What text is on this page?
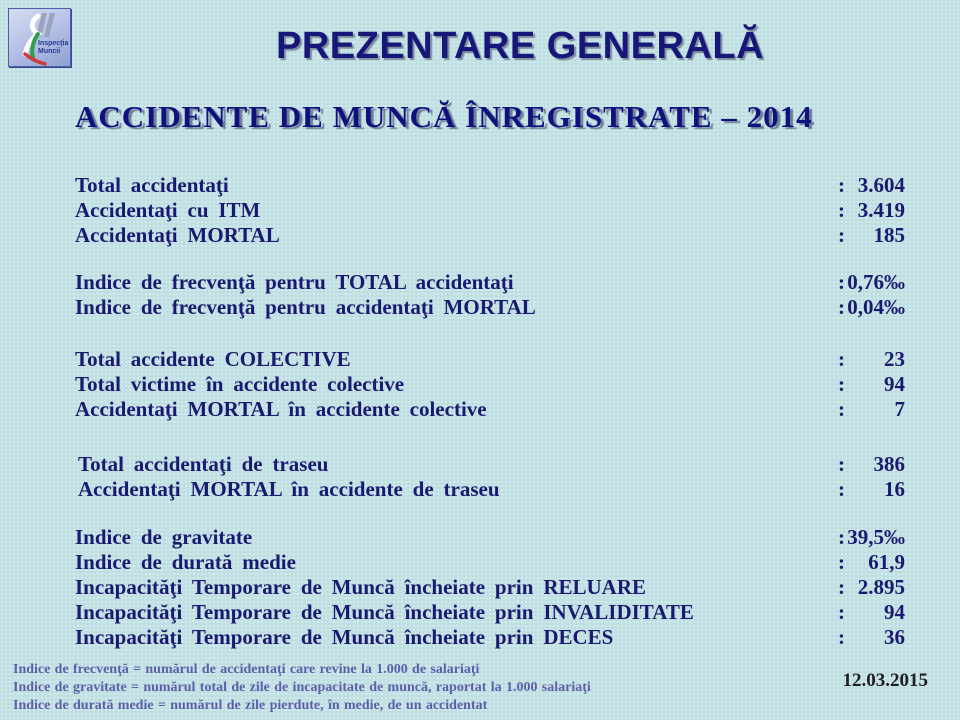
Inspecţia
Muncii	PREZENTARE GENERALĂ
ACCIDENTE DE MUNCĂ ÎNREGISTRATE – 2014
Total accidentaţi	: 3.604
Accidentaţi cu ITM	: 3.419
Accidentaţi MORTAL	:	185
Indice de frecvenţă pentru TOTAL accidentaţi	: 0,76‰
Indice de frecvenţă pentru accidentaţi MORTAL	: 0,04‰
Total accidente COLECTIVE	:	23
Total victime în accidente colective	:	94
Accidentaţi MORTAL în accidente colective	:	7
Total accidentaţi de traseu	:	386
Accidentaţi MORTAL în accidente de traseu	:	16
Indice de gravitate	: 39,5‰
Indice de durată medie	:	61,9
Incapacităţi Temporare de Muncă încheiate prin RELUARE	: 2.895
Incapacităţi Temporare de Muncă încheiate prin INVALIDITATE	:	94
Incapacităţi Temporare de Muncă încheiate prin DECES	:	36
Indice de frecvenţă = numărul de accidentaţi care revine la 1.000 de salariaţi
Indice de gravitate = numărul total de zile de incapacitate de muncă, raportat la 1.000 salariaţi
Indice de durată medie = numărul de zile pierdute, în medie, de un accidentat
12.03.2015
